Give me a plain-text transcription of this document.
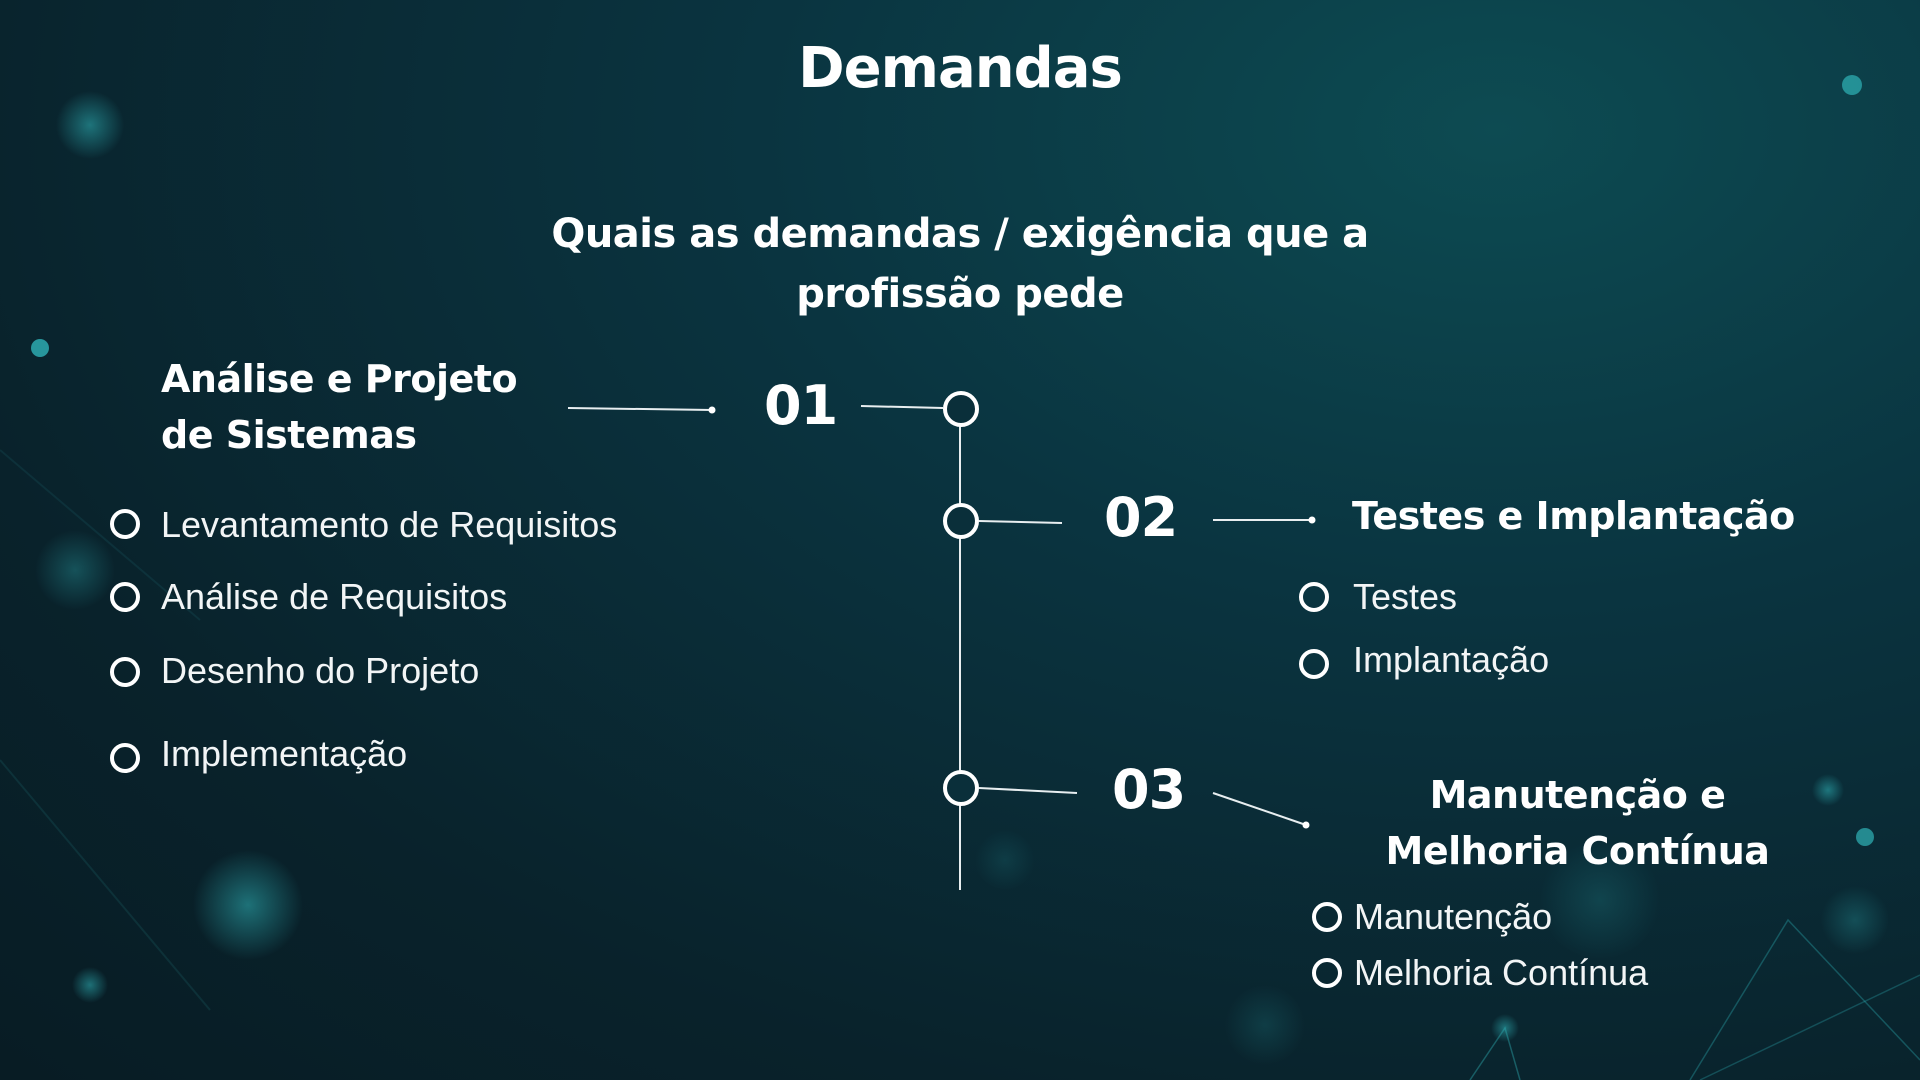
Demandas
Quais as demandas / exigência que a profissão pede
01
02
03
Análise e Projeto de Sistemas
Levantamento de Requisitos
Análise de Requisitos
Desenho do Projeto
Implementação
Testes e Implantação
Testes
Implantação
Manutenção e Melhoria Contínua
Manutenção
Melhoria Contínua
